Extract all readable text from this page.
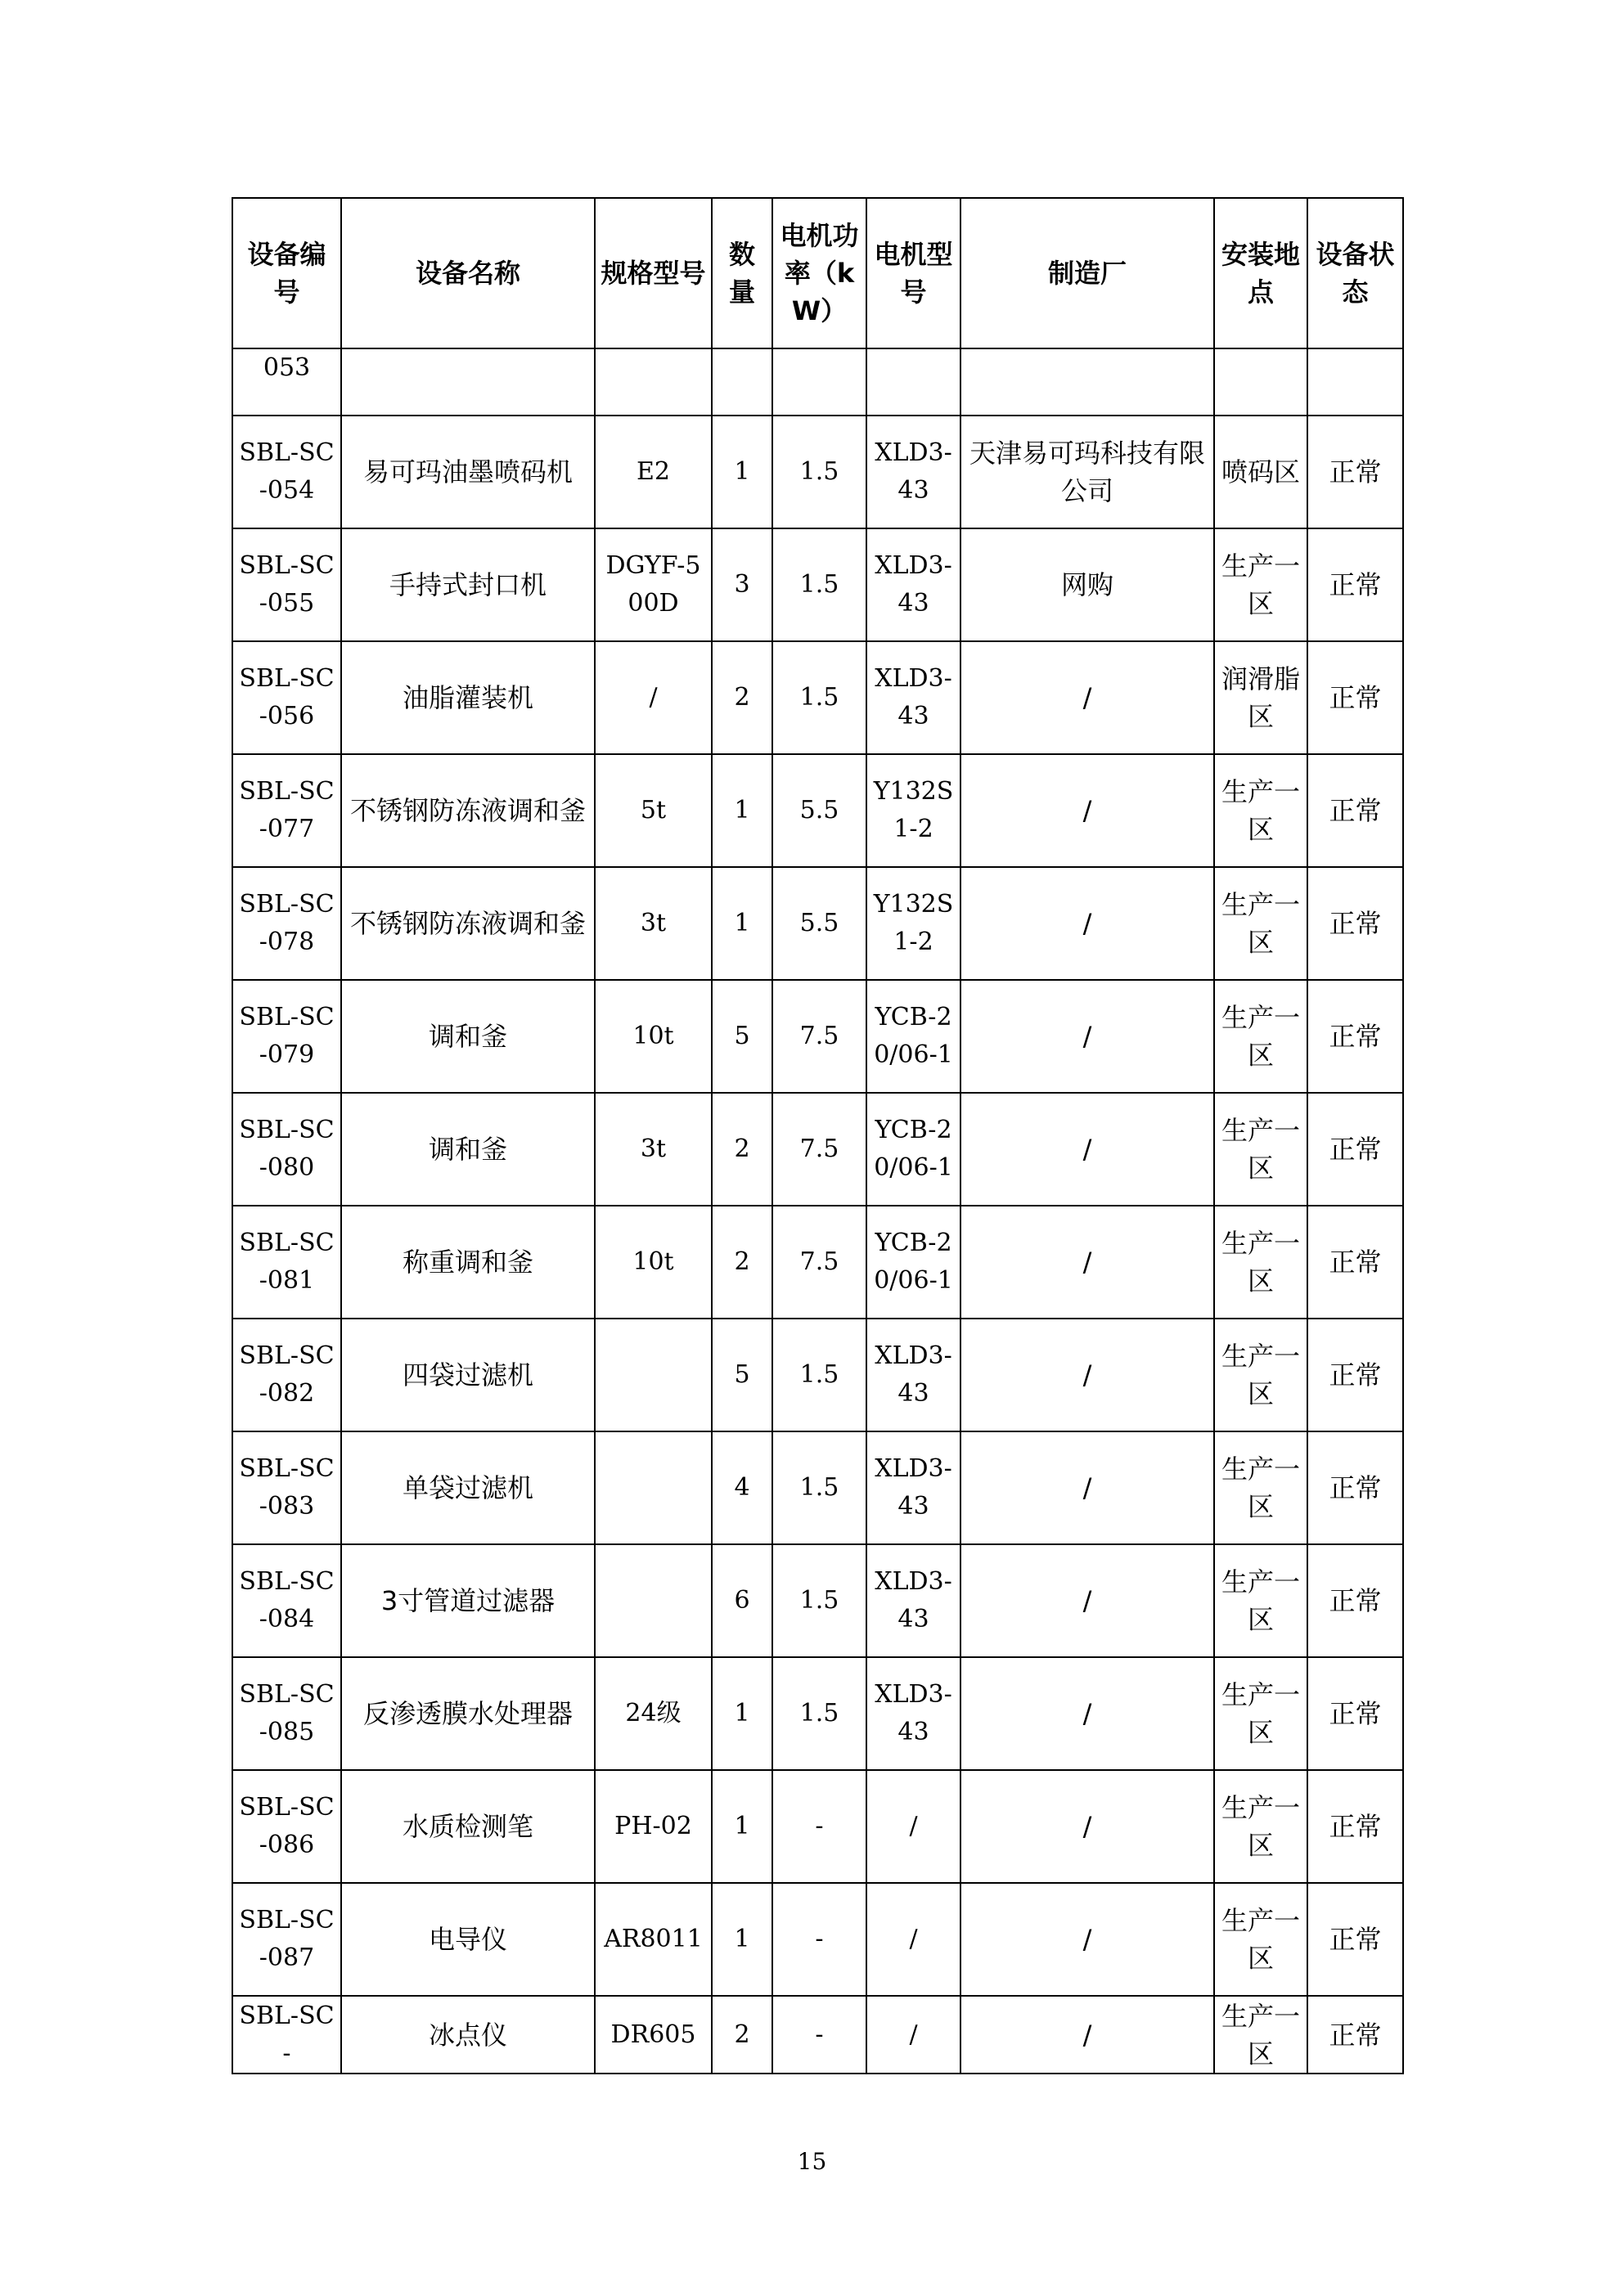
设备编号	设备名称	规格型号	数量	电机功率（kW）	电机型号	制造厂	安装地点	设备状态
053								
SBL-SC-054	易可玛油墨喷码机	E2	1	1.5	XLD3-43	天津易可玛科技有限公司	喷码区	正常
SBL-SC-055	手持式封口机	DGYF-500D	3	1.5	XLD3-43	网购	生产一区	正常
SBL-SC-056	油脂灌装机	/	2	1.5	XLD3-43	/	润滑脂区	正常
SBL-SC-077	不锈钢防冻液调和釜	5t	1	5.5	Y132S1-2	/	生产一区	正常
SBL-SC-078	不锈钢防冻液调和釜	3t	1	5.5	Y132S1-2	/	生产一区	正常
SBL-SC-079	调和釜	10t	5	7.5	YCB-20/06-1	/	生产一区	正常
SBL-SC-080	调和釜	3t	2	7.5	YCB-20/06-1	/	生产一区	正常
SBL-SC-081	称重调和釜	10t	2	7.5	YCB-20/06-1	/	生产一区	正常
SBL-SC-082	四袋过滤机		5	1.5	XLD3-43	/	生产一区	正常
SBL-SC-083	单袋过滤机		4	1.5	XLD3-43	/	生产一区	正常
SBL-SC-084	3寸管道过滤器		6	1.5	XLD3-43	/	生产一区	正常
SBL-SC-085	反渗透膜水处理器	24级	1	1.5	XLD3-43	/	生产一区	正常
SBL-SC-086	水质检测笔	PH-02	1	-	/	/	生产一区	正常
SBL-SC-087	电导仪	AR8011	1	-	/	/	生产一区	正常
SBL-SC-	冰点仪	DR605	2	-	/	/	生产一区	正常
15
